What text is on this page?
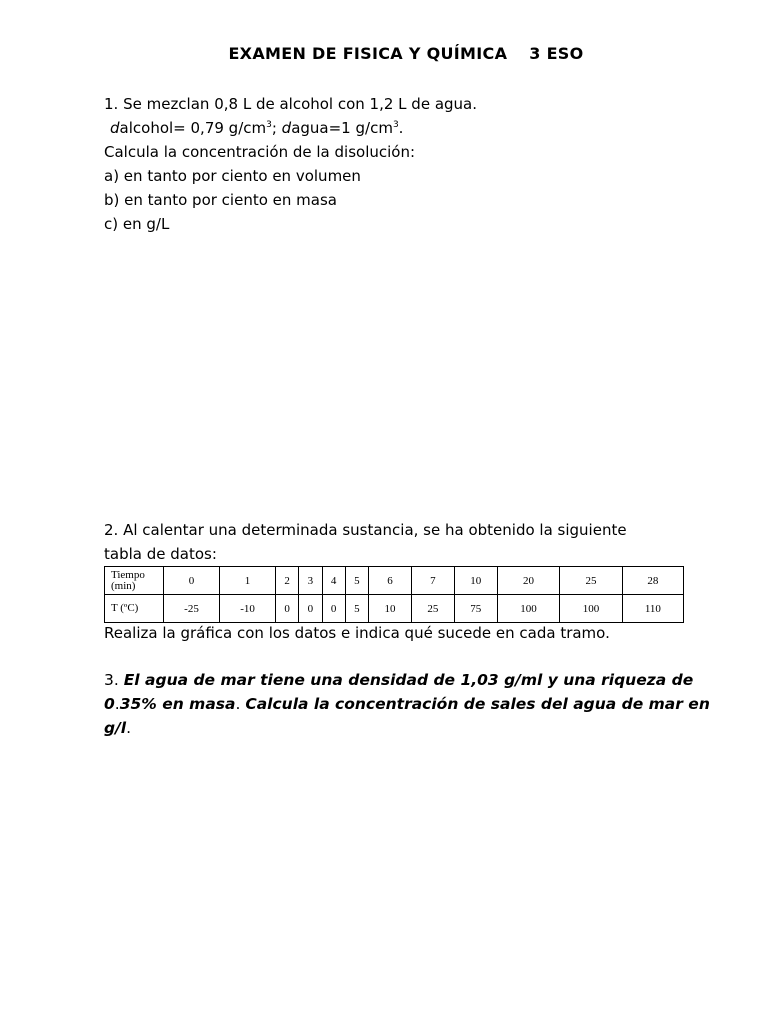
EXAMEN DE FISICA Y QUÍMICA 3 ESO
1. Se mezclan 0,8 L de alcohol con 1,2 L de agua.
dalcohol= 0,79 $g/cm^3$; dagua=1 $g/cm^3$.
Calcula la concentración de la disolución:
a) en tanto por ciento en volumen
b) en tanto por ciento en masa
c) en g/L
2. Al calentar una determinada sustancia, se ha obtenido la siguiente
tabla de datos:
Tiempo
(min)	0	1	2	3	4	5	6	7	10	20	25	28
T (ºC)	-25	-10	0	0	0	5	10	25	75	100	100	110
Realiza la gráfica con los datos e indica qué sucede en cada tramo.
3. El agua de mar tiene una densidad de 1,03 g/ml y una riqueza de 0.35% en masa. Calcula la concentración de sales del agua de mar en g/l.
